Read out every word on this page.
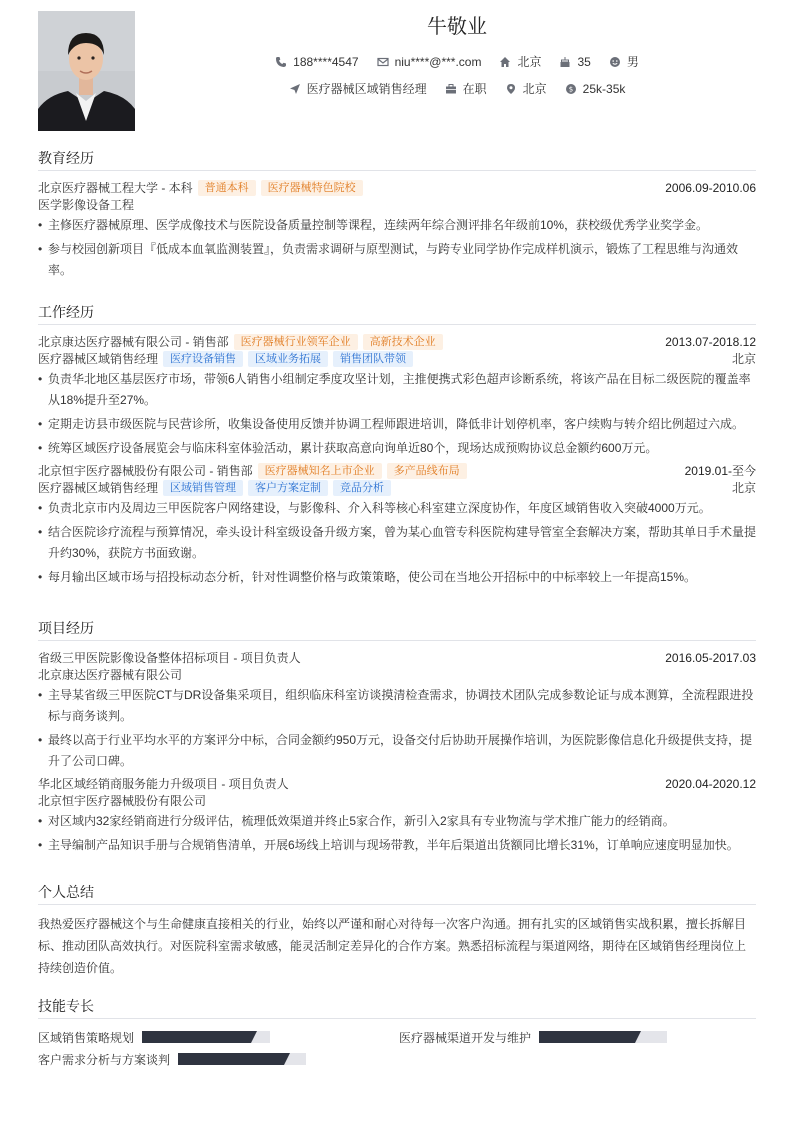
牛敬业
188****4547	niu****@***.com	北京	35	男
医疗器械区域销售经理	在职	北京	$ 25k-35k
教育经历
北京医疗器械工程大学 - 本科	普通本科	医疗器械特色院校	2006.09-2010.06
医学影像设备工程
• 主修医疗器械原理、医学成像技术与医院设备质量控制等课程，连续两年综合测评排名年级前10%，获校级优秀学业奖学金。
• 参与校园创新项目『低成本血氧监测装置』，负责需求调研与原型测试，与跨专业同学协作完成样机演示，锻炼了工程思维与沟通效率。
工作经历
北京康达医疗器械有限公司 - 销售部	医疗器械行业领军企业	高新技术企业	2013.07-2018.12
医疗器械区域销售经理	医疗设备销售	区域业务拓展	销售团队带领	北京
• 负责华北地区基层医疗市场，带领6人销售小组制定季度攻坚计划，主推便携式彩色超声诊断系统，将该产品在目标二级医院的覆盖率从18%提升至27%。
• 定期走访县市级医院与民营诊所，收集设备使用反馈并协调工程师跟进培训，降低非计划停机率，客户续购与转介绍比例超过六成。
• 统筹区域医疗设备展览会与临床科室体验活动，累计获取高意向询单近80个，现场达成预购协议总金额约600万元。
北京恒宇医疗器械股份有限公司 - 销售部	医疗器械知名上市企业	多产品线布局	2019.01-至今
医疗器械区域销售经理	区域销售管理	客户方案定制	竞品分析	北京
• 负责北京市内及周边三甲医院客户网络建设，与影像科、介入科等核心科室建立深度协作，年度区域销售收入突破4000万元。
• 结合医院诊疗流程与预算情况，牵头设计科室级设备升级方案，曾为某心血管专科医院构建导管室全套解决方案，帮助其单日手术量提升约30%，获院方书面致谢。
• 每月输出区域市场与招投标动态分析，针对性调整价格与政策策略，使公司在当地公开招标中的中标率较上一年提高15%。
项目经历
省级三甲医院影像设备整体招标项目 - 项目负责人	2016.05-2017.03
北京康达医疗器械有限公司
• 主导某省级三甲医院CT与DR设备集采项目，组织临床科室访谈摸清检查需求，协调技术团队完成参数论证与成本测算，全流程跟进投标与商务谈判。
• 最终以高于行业平均水平的方案评分中标，合同金额约950万元，设备交付后协助开展操作培训，为医院影像信息化升级提供支持，提升了公司口碑。
华北区域经销商服务能力升级项目 - 项目负责人	2020.04-2020.12
北京恒宇医疗器械股份有限公司
• 对区域内32家经销商进行分级评估，梳理低效渠道并终止5家合作，新引入2家具有专业物流与学术推广能力的经销商。
• 主导编制产品知识手册与合规销售清单，开展6场线上培训与现场带教，半年后渠道出货额同比增长31%，订单响应速度明显加快。
个人总结
我热爱医疗器械这个与生命健康直接相关的行业，始终以严谨和耐心对待每一次客户沟通。拥有扎实的区域销售实战积累，擅长拆解目标、推动团队高效执行。对医院科室需求敏感，能灵活制定差异化的合作方案。熟悉招标流程与渠道网络，期待在区域销售经理岗位上持续创造价值。
技能专长
区域销售策略规划	医疗器械渠道开发与维护
客户需求分析与方案谈判
